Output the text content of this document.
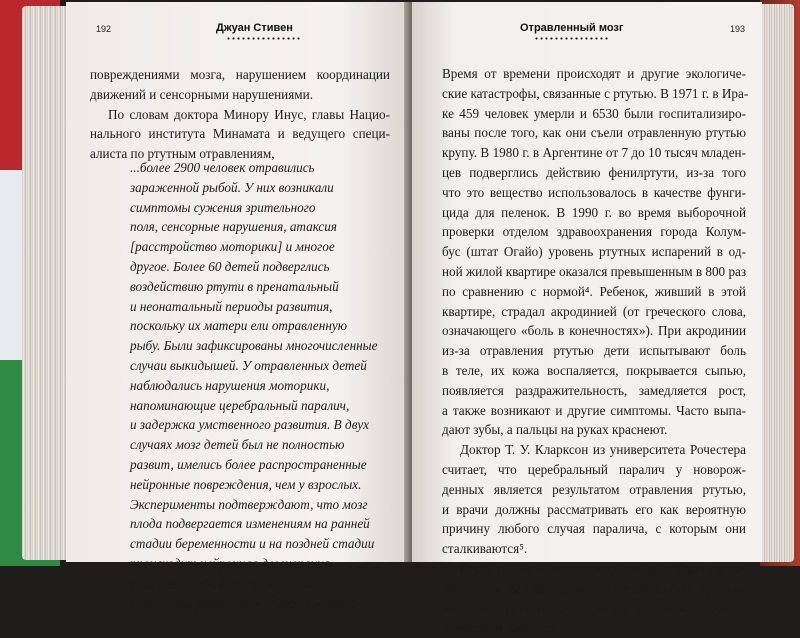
192	Джуан Стивен
повреждениями мозга, нарушением координации
движений и сенсорными нарушениями.
По словам доктора Минору Инус, главы Нацио-
нального института Минамата и ведущего специ-
алиста по ртутным отравлениям,
...более 2900 человек отравились
зараженной рыбой. У них возникали
симптомы сужения зрительного
поля, сенсорные нарушения, атаксия
[расстройство моторики] и многое
другое. Более 60 детей подверглись
воздействию ртути в пренатальный
и неонатальный периоды развития,
поскольку их матери ели отравленную
рыбу. Были зафиксированы многочисленные
случаи выкидышей. У отравленных детей
наблюдались нарушения моторики,
напоминающие церебральный паралич,
и задержка умственного развития. В двух
случаях мозг детей был не полностью
развит, имелись более распространенные
нейронные повреждения, чем у взрослых.
Эксперименты подтверждают, что мозг
плода подвергается изменениям на ранней
стадии беременности и на поздней стадии
происходит нейронная дегенерация.
Нейроны плода более уязвимы для
метиловой ртути, чем нейроны матери³.
Отравленный мозг	193
Время от времени происходят и другие экологиче-
ские катастрофы, связанные с ртутью. В 1971 г. в Ира-
ке 459 человек умерли и 6530 были госпитализиро-
ваны после того, как они съели отравленную ртутью
крупу. В 1980 г. в Аргентине от 7 до 10 тысяч младен-
цев подверглись действию фенилртути, из-за того
что это вещество использовалось в качестве фунги-
цида для пеленок. В 1990 г. во время выборочной
проверки отделом здравоохранения города Колум-
бус (штат Огайо) уровень ртутных испарений в од-
ной жилой квартире оказался превышенным в 800 раз
по сравнению с нормой⁴. Ребенок, живший в этой
квартире, страдал акродинией (от греческого слова,
означающего «боль в конечностях»). При акродинии
из-за отравления ртутью дети испытывают боль
в теле, их кожа воспаляется, покрывается сыпью,
появляется раздражительность, замедляется рост,
а также возникают и другие симптомы. Часто выпа-
дают зубы, а пальцы на руках краснеют.
Доктор Т. У. Кларксон из университета Рочестера
считает, что церебральный паралич у новорож-
денных является результатом отравления ртутью,
и врачи должны рассматривать его как вероятную
причину любого случая паралича, с которым они
сталкиваются⁵.
Ртуть может выявляться где угодно. Судя по со-
общениям, ее обнаруживают во множестве товаров,
начиная с китайских лекарств и заканчивая космет-
тическими кремами⁶,⁷.
